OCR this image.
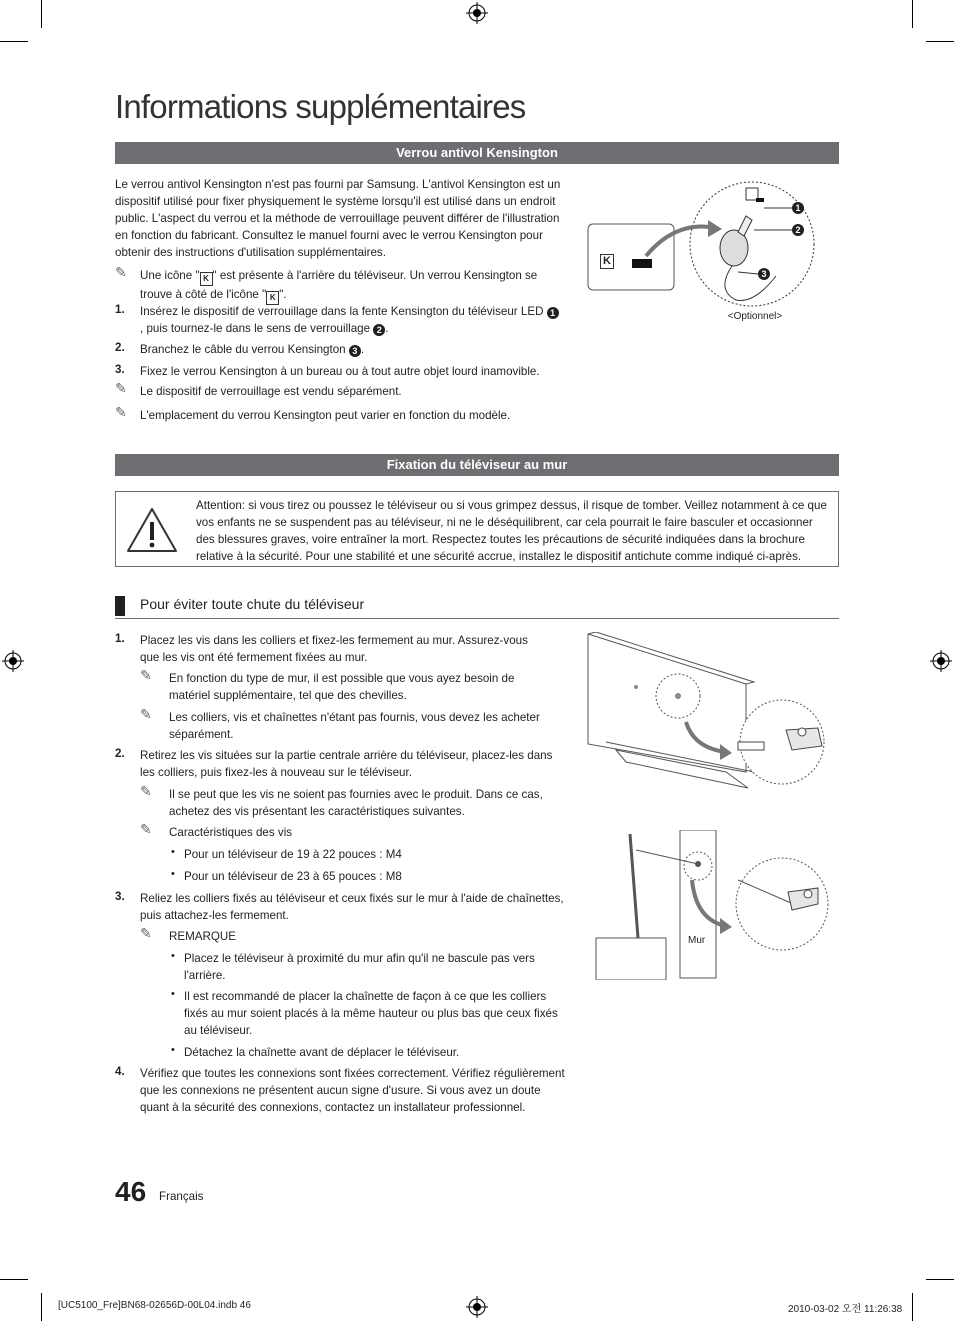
Informations supplémentaires
Verrou antivol Kensington
Le verrou antivol Kensington n'est pas fourni par Samsung. L'antivol Kensington est un dispositif utilisé pour fixer physiquement le système lorsqu'il est utilisé dans un endroit public. L'aspect du verrou et la méthode de verrouillage peuvent différer de l'illustration en fonction du fabricant. Consultez le manuel fourni avec le verrou Kensington pour obtenir des instructions d'utilisation supplémentaires.
✎ Une icône " K " est présente à l'arrière du téléviseur. Un verrou Kensington se trouve à côté de l'icône " K ".
1. Insérez le dispositif de verrouillage dans la fente Kensington du téléviseur LED 1, puis tournez-le dans le sens de verrouillage 2 .
2. Branchez le câble du verrou Kensington 3 .
3. Fixez le verrou Kensington à un bureau ou à tout autre objet lourd inamovible.
✎ Le dispositif de verrouillage est vendu séparément.
✎ L'emplacement du verrou Kensington peut varier en fonction du modèle.
K
1
2
3
<Optionnel>
Fixation du téléviseur au mur
Attention: si vous tirez ou poussez le téléviseur ou si vous grimpez dessus, il risque de tomber. Veillez notamment à ce que vos enfants ne se suspendent pas au téléviseur, ni ne le déséquilibrent, car cela pourrait le faire basculer et occasionner des blessures graves, voire entraîner la mort. Respectez toutes les précautions de sécurité indiquées dans la brochure relative à la sécurité. Pour une stabilité et une sécurité accrue, installez le dispositif antichute comme indiqué ci-après.
Pour éviter toute chute du téléviseur
1. Placez les vis dans les colliers et fixez-les fermement au mur. Assurez-vous que les vis ont été fermement fixées au mur.
✎ En fonction du type de mur, il est possible que vous ayez besoin de matériel supplémentaire, tel que des chevilles.
✎ Les colliers, vis et chaînettes n'étant pas fournis, vous devez les acheter séparément.
2. Retirez les vis situées sur la partie centrale arrière du téléviseur, placez-les dans les colliers, puis fixez-les à nouveau sur le téléviseur.
✎ Il se peut que les vis ne soient pas fournies avec le produit. Dans ce cas, achetez des vis présentant les caractéristiques suivantes.
✎ Caractéristiques des vis
• Pour un téléviseur de 19 à 22 pouces : M4
• Pour un téléviseur de 23 à 65 pouces : M8
3. Reliez les colliers fixés au téléviseur et ceux fixés sur le mur à l'aide de chaînettes, puis attachez-les fermement.
✎ REMARQUE
• Placez le téléviseur à proximité du mur afin qu'il ne bascule pas vers l'arrière.
• Il est recommandé de placer la chaînette de façon à ce que les colliers fixés au mur soient placés à la même hauteur ou plus bas que ceux fixés au téléviseur.
• Détachez la chaînette avant de déplacer le téléviseur.
4. Vérifiez que toutes les connexions sont fixées correctement. Vérifiez régulièrement que les connexions ne présentent aucun signe d'usure. Si vous avez un doute quant à la sécurité des connexions, contactez un installateur professionnel.
Mur
46 Français
[UC5100_Fre]BN68-02656D-00L04.indb 46	2010-03-02 오전 11:26:38
